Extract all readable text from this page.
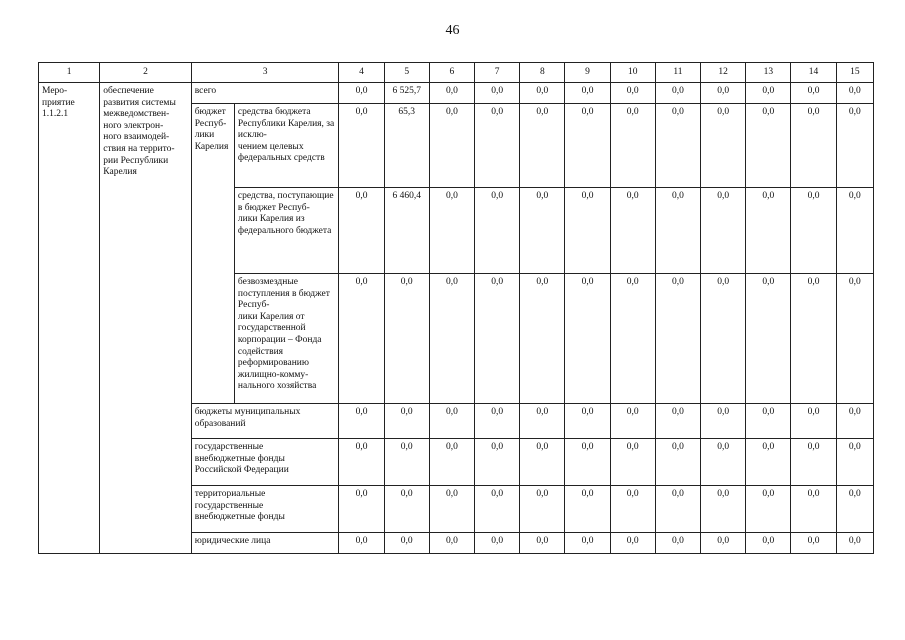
46
1	2	3		4	5	6	7	8	9	10	11	12	13	14	15
Меро-
приятие
1.1.2.1	обеспечение развития системы межведомствен-
ного электрон-
ного взаимодей-
ствия на террито-
рии Республики Карелия	всего		0,0	6 525,7	0,0	0,0	0,0	0,0	0,0	0,0	0,0	0,0	0,0	0,0
		бюджет Респуб-
лики Карелия	средства бюджета Республики Карелия, за исклю-
чением целевых федеральных средств	0,0	65,3	0,0	0,0	0,0	0,0	0,0	0,0	0,0	0,0	0,0	0,0
			средства, поступающие в бюджет Респуб-
лики Карелия из федерального бюджета	0,0	6 460,4	0,0	0,0	0,0	0,0	0,0	0,0	0,0	0,0	0,0	0,0
			безвозмездные поступления в бюджет Респуб-
лики Карелия от государственной корпорации – Фонда содействия реформированию жилищно-комму-
нального хозяйства	0,0	0,0	0,0	0,0	0,0	0,0	0,0	0,0	0,0	0,0	0,0	0,0
		бюджеты муниципальных образований		0,0	0,0	0,0	0,0	0,0	0,0	0,0	0,0	0,0	0,0	0,0	0,0
		государственные внебюджетные фонды Российской Федерации		0,0	0,0	0,0	0,0	0,0	0,0	0,0	0,0	0,0	0,0	0,0	0,0
		территориальные государственные внебюджетные фонды		0,0	0,0	0,0	0,0	0,0	0,0	0,0	0,0	0,0	0,0	0,0	0,0
		юридические лица		0,0	0,0	0,0	0,0	0,0	0,0	0,0	0,0	0,0	0,0	0,0	0,0
